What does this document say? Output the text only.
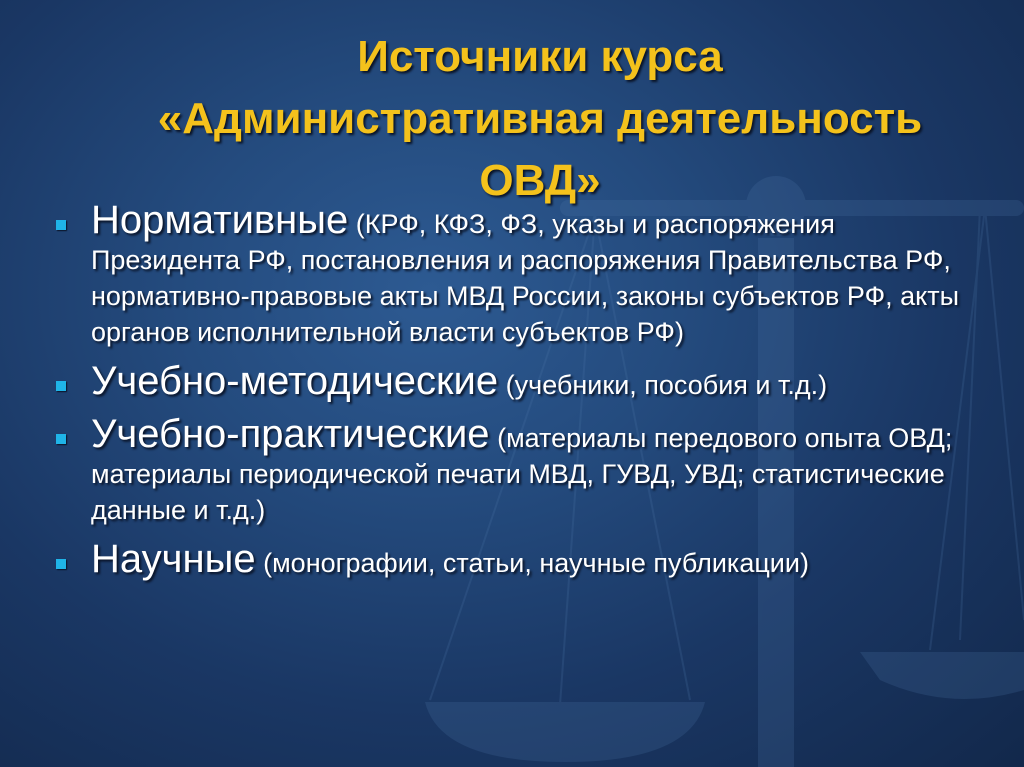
Источники курса
«Административная деятельность
ОВД»
Нормативные (КРФ, КФЗ, ФЗ, указы и распоряжения Президента РФ, постановления и распоряжения Правительства РФ, нормативно-правовые акты МВД России, законы субъектов РФ, акты органов исполнительной власти субъектов РФ)
Учебно-методические (учебники, пособия и т.д.)
Учебно-практические (материалы передового опыта ОВД; материалы периодической печати МВД, ГУВД, УВД; статистические данные и т.д.)
Научные (монографии, статьи, научные публикации)
